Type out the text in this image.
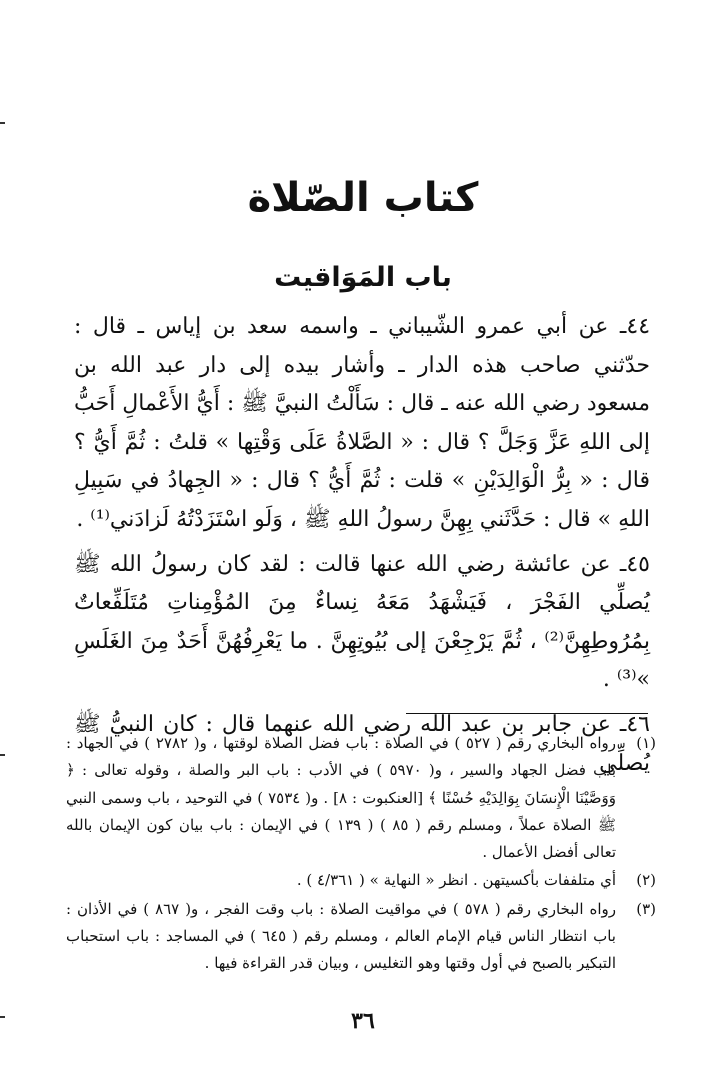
كتاب الصّلاة
باب المَوَاقيت

٤٤ـ عن أبي عمرو الشّيباني ـ واسمه سعد بن إياس ـ قال : حدّثني صاحب هذه الدار ـ وأشار بيده إلى دار عبد الله بن مسعود رضي الله عنه ـ قال : سَأَلْتُ النبيَّ ﷺ : أَيُّ الأَعْمالِ أَحَبُّ إلى اللهِ عَزَّ وَجَلَّ ؟ قال : « الصَّلاةُ عَلَى وَقْتِها » قلتُ : ثُمَّ أَيُّ ؟ قال : « بِرُّ الْوَالِدَيْنِ » قلت : ثُمَّ أَيُّ ؟ قال : « الجِهادُ في سَبِيلِ اللهِ » قال : حَدَّثَني بِهِنَّ رسولُ اللهِ ﷺ ، وَلَو اسْتَزَدْتُهُ لَزادَني⁽¹⁾ .

٤٥ـ عن عائشة رضي الله عنها قالت : لقد كان رسولُ الله ﷺ يُصلِّي الفَجْرَ ، فَيَشْهَدُ مَعَهُ نِساءٌ مِنَ المُؤْمِناتِ مُتَلَفِّعاتٌ بِمُرُوطِهِنَّ⁽²⁾ ، ثُمَّ يَرْجِعْنَ إلى بُيُوتِهِنَّ . ما يَعْرِفُهُنَّ أَحَدٌ مِنَ الغَلَسِ »⁽³⁾ .

٤٦ـ عن جابر بن عبد الله رضي الله عنهما قال : كان النبيُّ ﷺ يُصلِّي

(١)
رواه البخاري رقم ( ٥٢٧ ) في الصلاة : باب فضل الصلاة لوقتها ، و( ٢٧٨٢ ) في الجهاد : باب فضل الجهاد والسير ، و( ٥٩٧٠ ) في الأدب : باب البر والصلة ، وقوله تعالى : ﴿ وَوَصَّيْنَا الْإِنسَانَ بِوَالِدَيْهِ حُسْنًا ﴾ [العنكبوت : ٨] . و( ٧٥٣٤ ) في التوحيد ، باب وسمى النبي ﷺ الصلاة عملاً ، ومسلم رقم ( ٨٥ ) ( ١٣٩ ) في الإيمان : باب بيان كون الإيمان بالله تعالى أفضل الأعمال .
(٢)
أي متلففات بأكسيتهن . انظر « النهاية » ( ٤/٣٦١ ) .
(٣)
رواه البخاري رقم ( ٥٧٨ ) في مواقيت الصلاة : باب وقت الفجر ، و( ٨٦٧ ) في الأذان : باب انتظار الناس قيام الإمام العالم ، ومسلم رقم ( ٦٤٥ ) في المساجد : باب استحباب التبكير بالصبح في أول وقتها وهو التغليس ، وبيان قدر القراءة فيها .
٣٦
